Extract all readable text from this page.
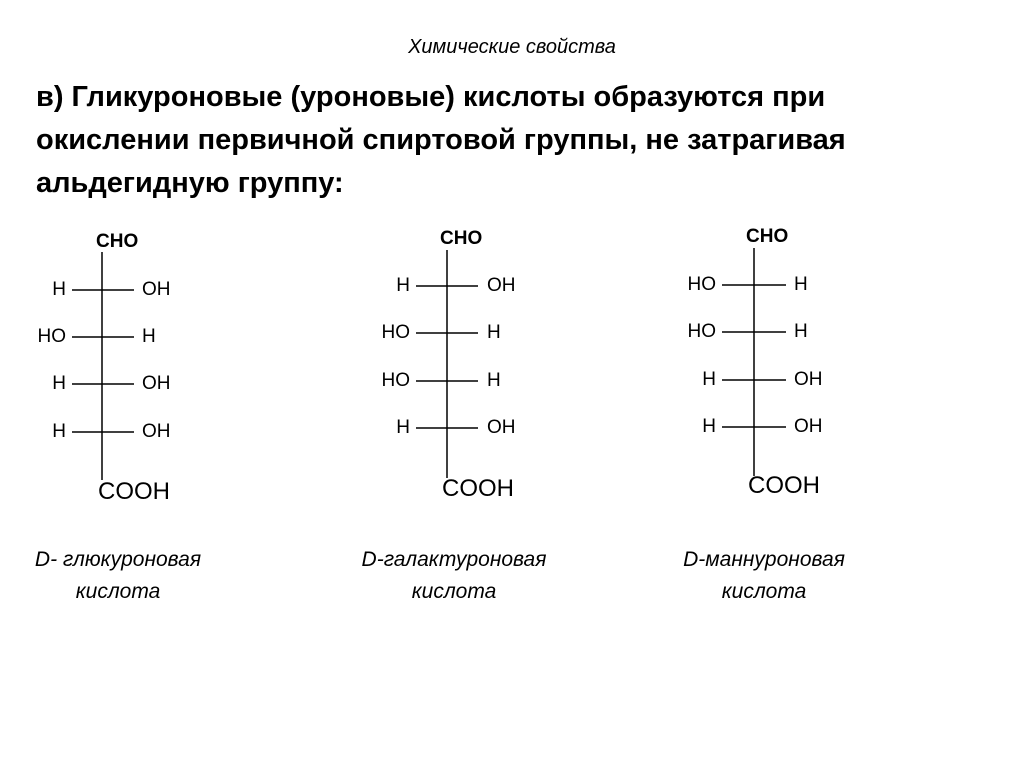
Химические свойства
в) Гликуроновые (уроновые) кислоты образуются при
окислении первичной спиртовой группы, не затрагивая
альдегидную группу:
CHO
H	OH
HO	H
H	OH
H	OH
COOH
D- глюкуроновая
кислота
CHO
H	OH
HO	H
HO	H
H	OH
COOH
D-галактуроновая
кислота
CHO
HO	H
HO	H
H	OH
H	OH
COOH
D-маннуроновая
кислота
